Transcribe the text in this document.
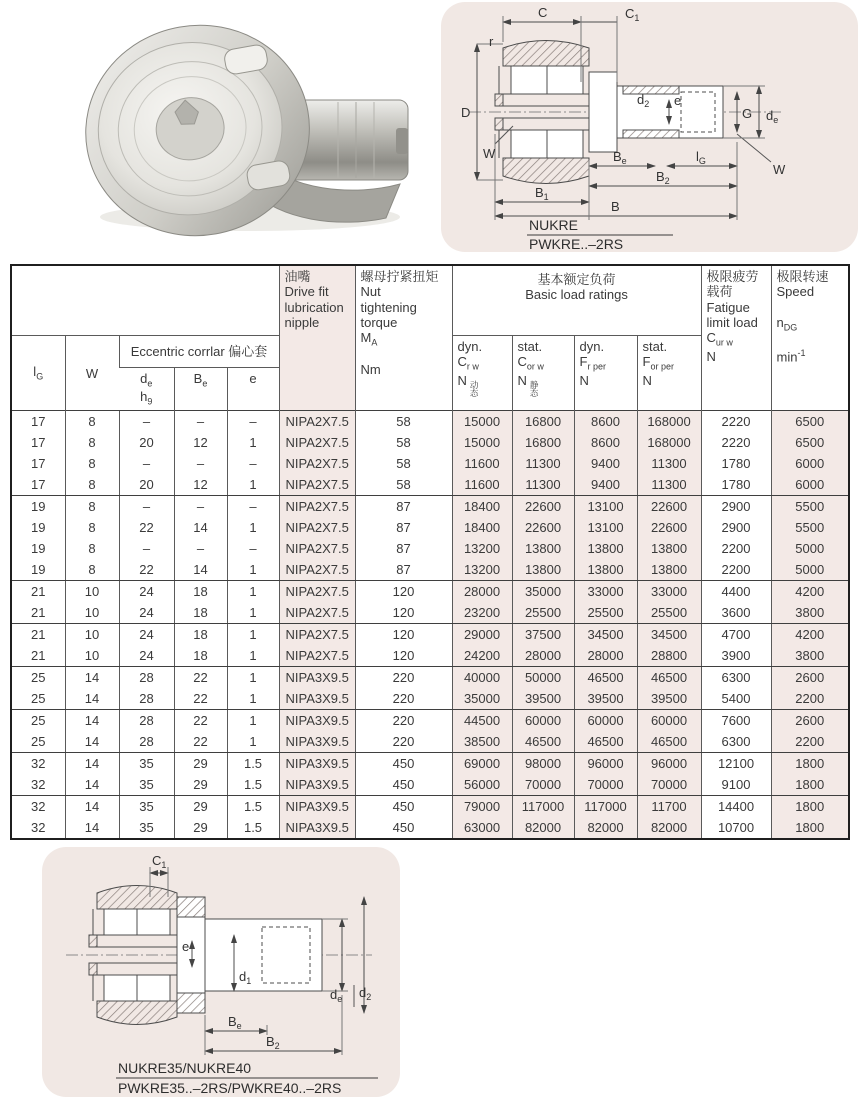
C	$C_1$
r
D
W
$d_2$ e
G $d_e$
W
$B_e$	$l_G$
$B_2$
$B_1$
B
NUKRE
PWKRE..–2RS

油嘴
Drive fit
lubrication
nipple

螺母拧紧扭矩
Nut
tightening
torque
$M_A$
Nm

基本额定负荷
Basic load ratings

极限疲劳
载荷
Fatigue
limit load
$C_{ur w}$
N

极限转速
Speed
$n_{DG}$
$\min^{-1}$

$l_G$	W	Eccentric corrlar 偏心套	dyn.
$C_{r w}$
N 动
态

stat.
$C_{or w}$
N 静
态

dyn.
$F_{r per}$
N

stat.
$F_{or per}$
N

		$d_e$
$h_9$	$B_e$	e								
17	8	–	–	–	NIPA2X7.5	58	15000	16800	8600	168000	2220	6500
17	8	20	12	1	NIPA2X7.5	58	15000	16800	8600	168000	2220	6500
17	8	–	–	–	NIPA2X7.5	58	11600	11300	9400	11300	1780	6000
17	8	20	12	1	NIPA2X7.5	58	11600	11300	9400	11300	1780	6000
19	8	–	–	–	NIPA2X7.5	87	18400	22600	13100	22600	2900	5500
19	8	22	14	1	NIPA2X7.5	87	18400	22600	13100	22600	2900	5500
19	8	–	–	–	NIPA2X7.5	87	13200	13800	13800	13800	2200	5000
19	8	22	14	1	NIPA2X7.5	87	13200	13800	13800	13800	2200	5000
21	10	24	18	1	NIPA2X7.5	120	28000	35000	33000	33000	4400	4200
21	10	24	18	1	NIPA2X7.5	120	23200	25500	25500	25500	3600	3800
21	10	24	18	1	NIPA2X7.5	120	29000	37500	34500	34500	4700	4200
21	10	24	18	1	NIPA2X7.5	120	24200	28000	28000	28800	3900	3800
25	14	28	22	1	NIPA3X9.5	220	40000	50000	46500	46500	6300	2600
25	14	28	22	1	NIPA3X9.5	220	35000	39500	39500	39500	5400	2200
25	14	28	22	1	NIPA3X9.5	220	44500	60000	60000	60000	7600	2600
25	14	28	22	1	NIPA3X9.5	220	38500	46500	46500	46500	6300	2200
32	14	35	29	1.5	NIPA3X9.5	450	69000	98000	96000	96000	12100	1800
32	14	35	29	1.5	NIPA3X9.5	450	56000	70000	70000	70000	9100	1800
32	14	35	29	1.5	NIPA3X9.5	450	79000	117000	117000	11700	14400	1800
32	14	35	29	1.5	NIPA3X9.5	450	63000	82000	82000	82000	10700	1800
$C_1$
e
$d_1$
$d_e$ $d_2$
$B_e$
$B_2$
NUKRE35/NUKRE40
PWKRE35..–2RS/PWKRE40..–2RS
